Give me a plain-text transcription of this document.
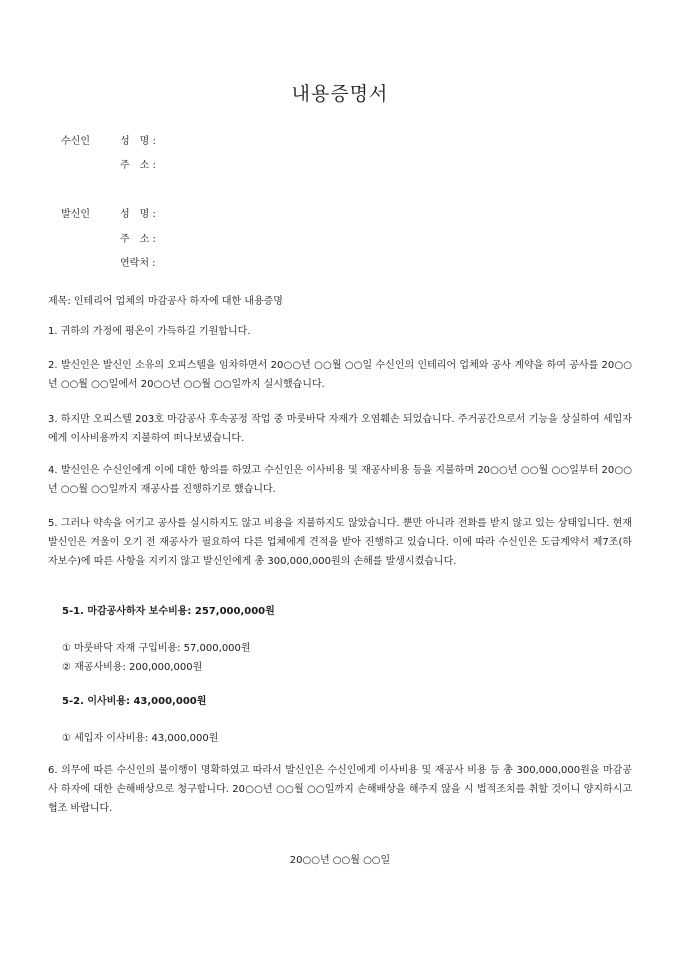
내용증명서
수신인	성　명 :
주　소 :
발신인	성　명 :
주　소 :
연락처 :
제목: 인테리어 업체의 마감공사 하자에 대한 내용증명

1. 귀하의 가정에 평온이 가득하길 기원합니다.

2. 발신인은 발신인 소유의 오피스텔을 임차하면서 20○○년 ○○월 ○○일 수신인의 인테리어 업체와 공사 계약을 하여 공사를 20○○년 ○○월 ○○일에서 20○○년 ○○월 ○○일까지 실시했습니다.

3. 하지만 오피스텔 203호 마감공사 후속공정 작업 중 마룻바닥 자재가 오염훼손 되었습니다. 주거공간으로서 기능을 상실하여 세입자에게 이사비용까지 지불하여 떠나보냈습니다.

4. 발신인은 수신인에게 이에 대한 항의를 하였고 수신인은 이사비용 및 재공사비용 등을 지불하며 20○○년 ○○월 ○○일부터 20○○년 ○○월 ○○일까지 재공사를 진행하기로 했습니다.

5. 그러나 약속을 어기고 공사를 실시하지도 않고 비용을 지불하지도 않았습니다. 뿐만 아니라 전화를 받지 않고 있는 상태입니다. 현재 발신인은 겨울이 오기 전 재공사가 필요하여 다른 업체에게 견적을 받아 진행하고 있습니다. 이에 따라 수신인은 도급계약서 제7조(하자보수)에 따른 사항을 지키지 않고 발신인에게 총 300,000,000원의 손해를 발생시켰습니다.

5-1. 마감공사하자 보수비용: 257,000,000원
① 마룻바닥 자재 구입비용: 57,000,000원
② 재공사비용: 200,000,000원
5-2. 이사비용: 43,000,000원
① 세입자 이사비용: 43,000,000원

6. 의무에 따른 수신인의 불이행이 명확하였고 따라서 발신인은 수신인에게 이사비용 및 재공사 비용 등 총 300,000,000원을 마감공사 하자에 대한 손해배상으로 청구합니다. 20○○년 ○○월 ○○일까지 손해배상을 해주지 않을 시 법적조치를 취할 것이니 양지하시고 협조 바랍니다.

20○○년 ○○월 ○○일
